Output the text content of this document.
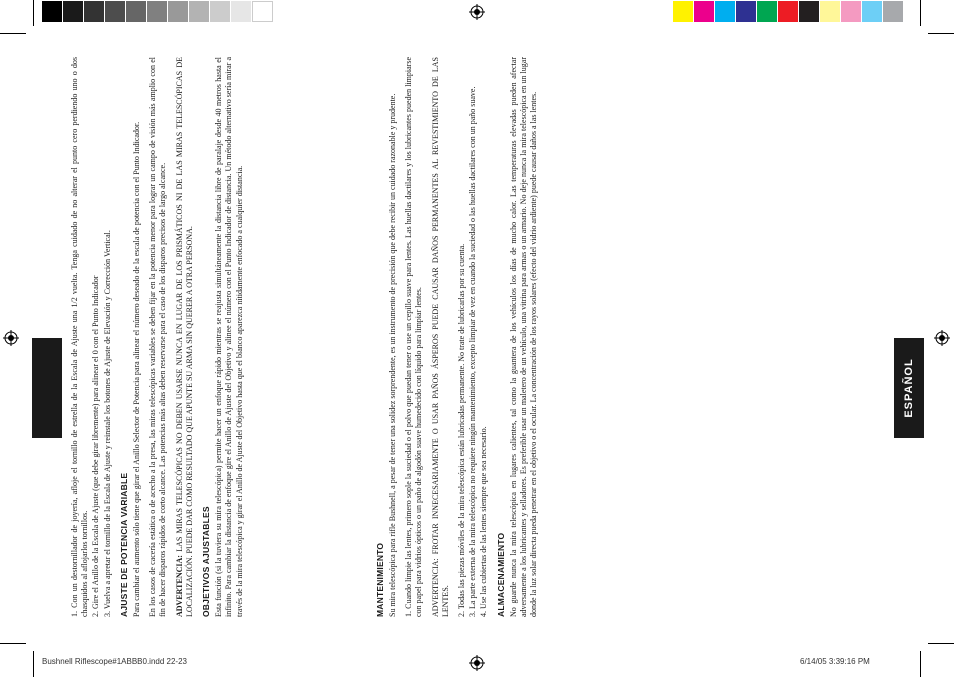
ESPAÑOL
1. Con un destornillador de joyería, afloje el tornillo de estrella de la Escala de Ajuste una 1/2 vuelta. Tenga cuidado de no alterar el punto cero perdiendo uno o dos chasquidos al aflojarlos tornillos. 2. Gire el Anillo de la Escala de Ajuste (que debe girar libremente) para alinear el 0 con el Punto Indicador
3. Vuelva a apretar el tornillo de la Escala de Ajuste y reinstale los botones de Ajuste de Elevación y Corrección Vertical. AJUSTE DE POTENCIA VARIABLE Para cambiar el aumento sólo tiene que girar el Anillo Selector de Potencia para alinear el número deseado de la escala de potencia con el Punto Indicador. En los casos de cacería estática o de acecho a la presa, las miras telescópicas variables se deben fijar en la potencia menor para lograr un campo de visión más amplio con el fin de hacer disparos rápidos de corto alcance. Las potencias más altas deben reservarse para el caso de los disparos precisos de largo alcance. ADVERTENCIA: LAS MIRAS TELESCÓPICAS NO DEBEN USARSE NUNCA EN LUGAR DE LOS PRISMÁTICOS NI DE LAS MIRAS TELESCÓPICAS DE LOCALIZACIÓN. PUEDE DAR COMO RESULTADO QUE APUNTE SU ARMA SIN QUERER A OTRA PERSONA. OBJETIVOS AJUSTABLES Esta función (si la tuviera su mira telescópica) permite hacer un enfoque rápido mientras se reajusta simultáneamente la distancia libre de paralaje desde 40 metros hasta el infinito. Para cambiar la distancia de enfoque gire el Anillo de Ajuste del Objetivo y alinee el número con el Punto Indicador de distancia. Un método alternativo sería mirar a través de la mira telescópica y girar el Anillo de Ajuste del Objetivo hasta que el blanco aparezca nítidamente enfocado a cualquier distancia.	MANTENIMIENTO Su mira telescópica para rifle Bushnell, a pesar de tener una solidez sorprendente, es un instrumento de precisión que debe recibir un cuidado razonable y prudente. 1. Cuando limpie las lentes, primero sople la suciedad o el polvo que puedan tener o use un cepillo suave para lentes. Las huellas dactilares y los lubricantes pueden limpiarse con papel para vidrios ópticos o un paño de algodón suave humedecido con líquido para limpiar lentes. ADVERTENCIA: FROTAR INNECESARIAMENTE O USAR PAÑOS ÁSPEROS PUEDE CAUSAR DAÑOS PERMANENTES AL REVESTIMIENTO DE LAS LENTES. 2. Todas las piezas móviles de la mira telescópica están lubricadas permanente. No trate de lubricarlas por su cuenta.
3. La parte externa de la mira telescópica no requiere ningún mantenimiento, excepto limpiar de vez en cuando la suciedad o las huellas dactilares con un paño suave.
4. Use las cubiertas de las lentes siempre que sea necesario. ALMACENAMIENTO No guarde nunca la mira telescópica en lugares calientes, tal como la guantera de los vehículos los días de mucho calor. Las temperaturas elevadas pueden afectar adversamente a los lubricantes y selladores. Es preferible usar un maletero de un vehículo, una vitrina para armas o un armario. No deje nunca la mira telescópica en un lugar donde la luz solar directa pueda penetrar en el objetivo o el ocular. La concentración de los rayos solares (efecto del vidrio ardiente) puede causar daños a las lentes.

Bushnell Riflescope#1ABBB0.indd 22-23	6/14/05 3:39:16 PM
